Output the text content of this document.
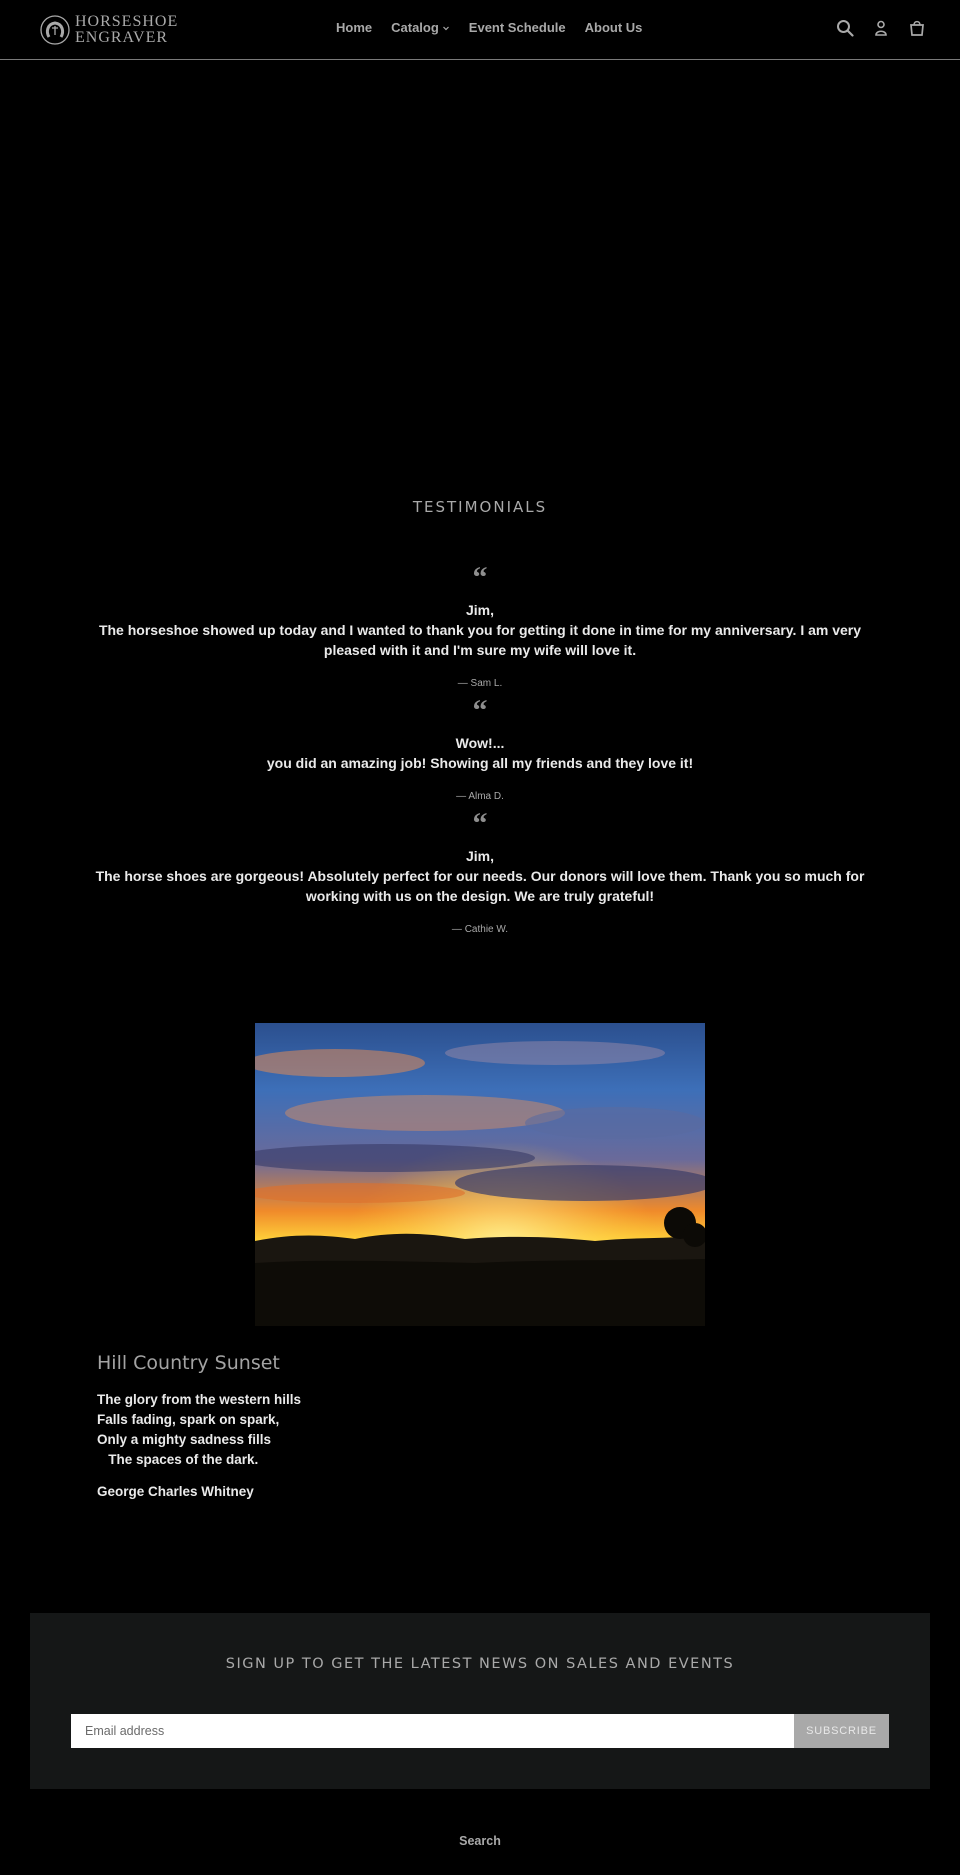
HORSESHOE
ENGRAVER
Home Catalog Event Schedule About Us
TESTIMONIALS
“
Jim,
The horseshoe showed up today and I wanted to thank you for getting it done in time for my anniversary. I am very pleased with it and I'm sure my wife will love it.
— Sam L.
“
Wow!...
you did an amazing job! Showing all my friends and they love it!
— Alma D.
“
Jim,
The horse shoes are gorgeous! Absolutely perfect for our needs. Our donors will love them. Thank you so much for working with us on the design. We are truly grateful!
— Cathie W.
Hill Country Sunset
The glory from the western hills
Falls fading, spark on spark,
Only a mighty sadness fills
The spaces of the dark.
George Charles Whitney
SIGN UP TO GET THE LATEST NEWS ON SALES AND EVENTS
Email address
SUBSCRIBE
Search
